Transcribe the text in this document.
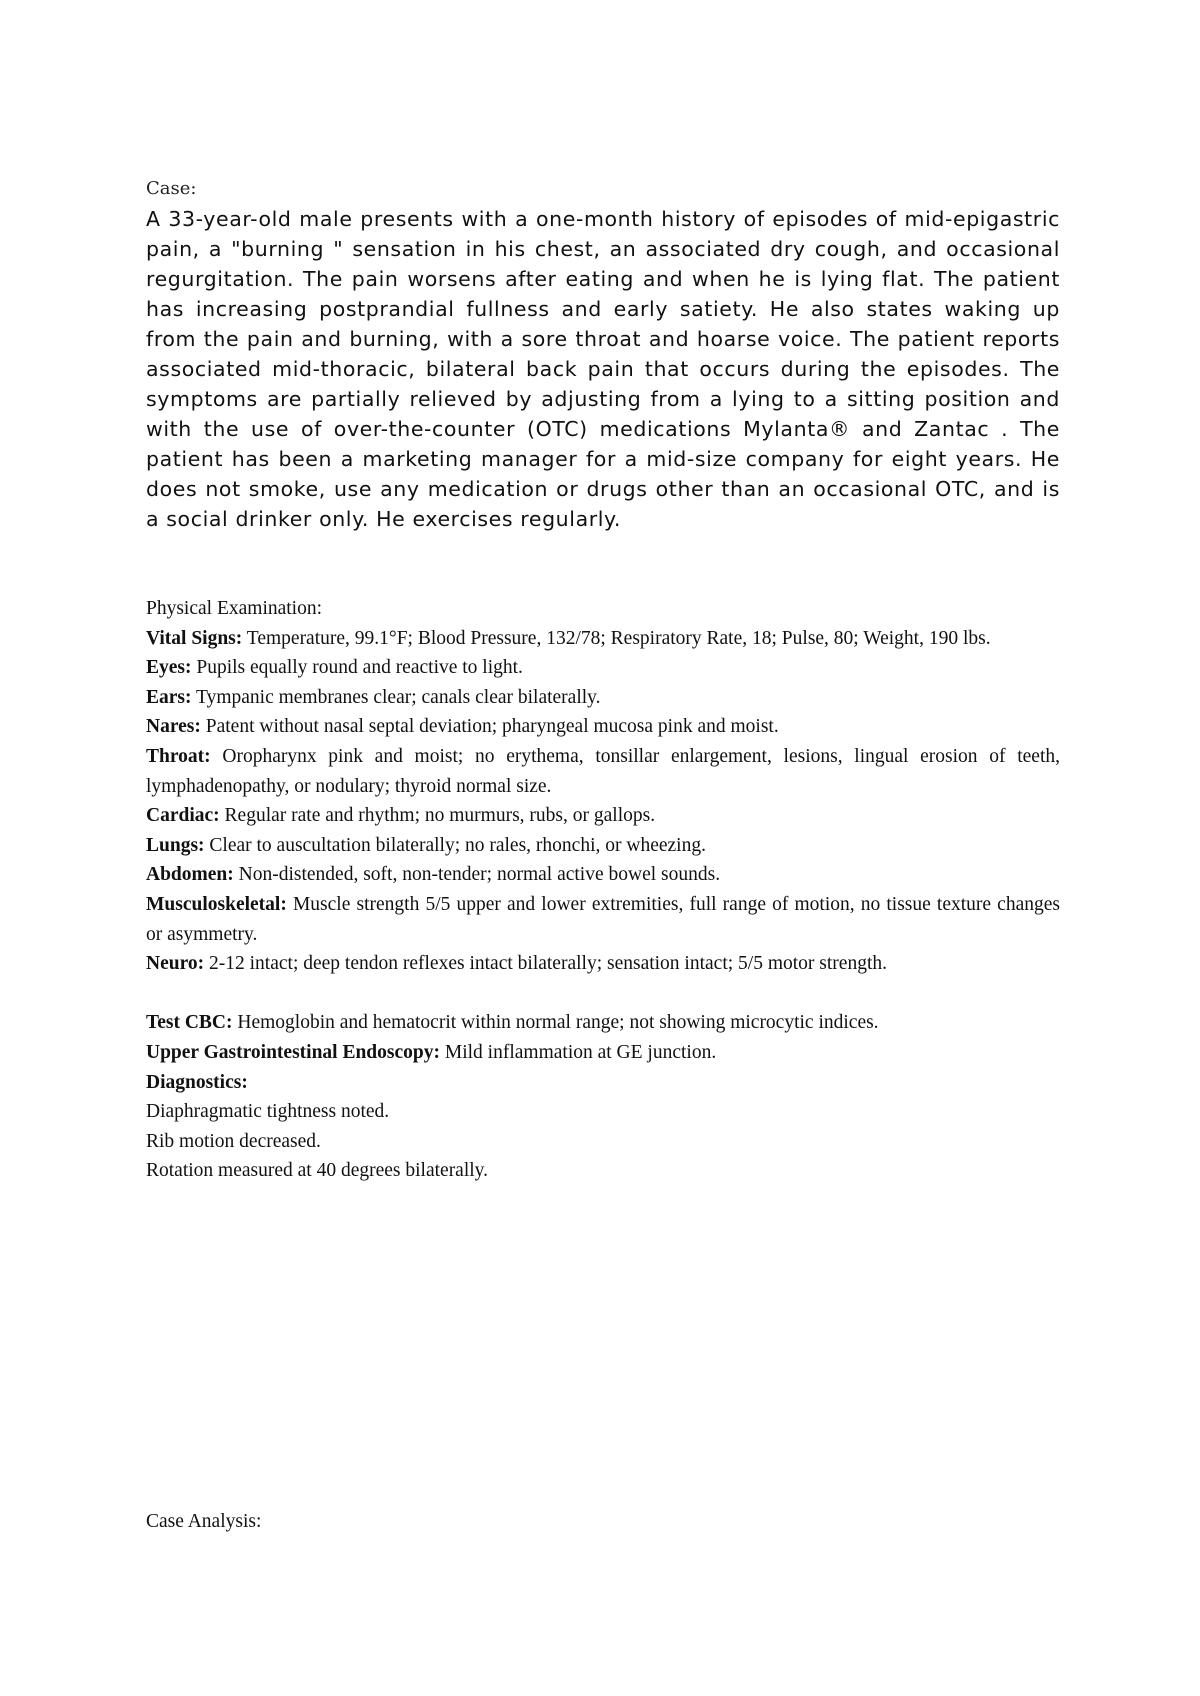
Case:

A 33-year-old male presents with a one-month history of episodes of mid-epigastric pain, a "burning " sensation in his chest, an associated dry cough, and occasional regurgitation. The pain worsens after eating and when he is lying flat. The patient has increasing postprandial fullness and early satiety. He also states waking up from the pain and burning, with a sore throat and hoarse voice. The patient reports associated mid-thoracic, bilateral back pain that occurs during the episodes. The symptoms are partially relieved by adjusting from a lying to a sitting position and with the use of over-the-counter (OTC) medications Mylanta® and Zantac . The patient has been a marketing manager for a mid-size company for eight years. He does not smoke, use any medication or drugs other than an occasional OTC, and is a social drinker only. He exercises regularly.

Physical Examination:

Vital Signs: Temperature, 99.1°F; Blood Pressure, 132/78; Respiratory Rate, 18; Pulse, 80; Weight, 190 lbs.

Eyes: Pupils equally round and reactive to light.

Ears: Tympanic membranes clear; canals clear bilaterally.

Nares: Patent without nasal septal deviation; pharyngeal mucosa pink and moist.

Throat: Oropharynx pink and moist; no erythema, tonsillar enlargement, lesions, lingual erosion of teeth, lymphadenopathy, or nodulary; thyroid normal size.

Cardiac: Regular rate and rhythm; no murmurs, rubs, or gallops.

Lungs: Clear to auscultation bilaterally; no rales, rhonchi, or wheezing.

Abdomen: Non-distended, soft, non-tender; normal active bowel sounds.

Musculoskeletal: Muscle strength 5/5 upper and lower extremities, full range of motion, no tissue texture changes or asymmetry.

Neuro: 2-12 intact; deep tendon reflexes intact bilaterally; sensation intact; 5/5 motor strength.

Test CBC: Hemoglobin and hematocrit within normal range; not showing microcytic indices.

Upper Gastrointestinal Endoscopy: Mild inflammation at GE junction.

Diagnostics:

Diaphragmatic tightness noted.

Rib motion decreased.

Rotation measured at 40 degrees bilaterally.

Case Analysis:
